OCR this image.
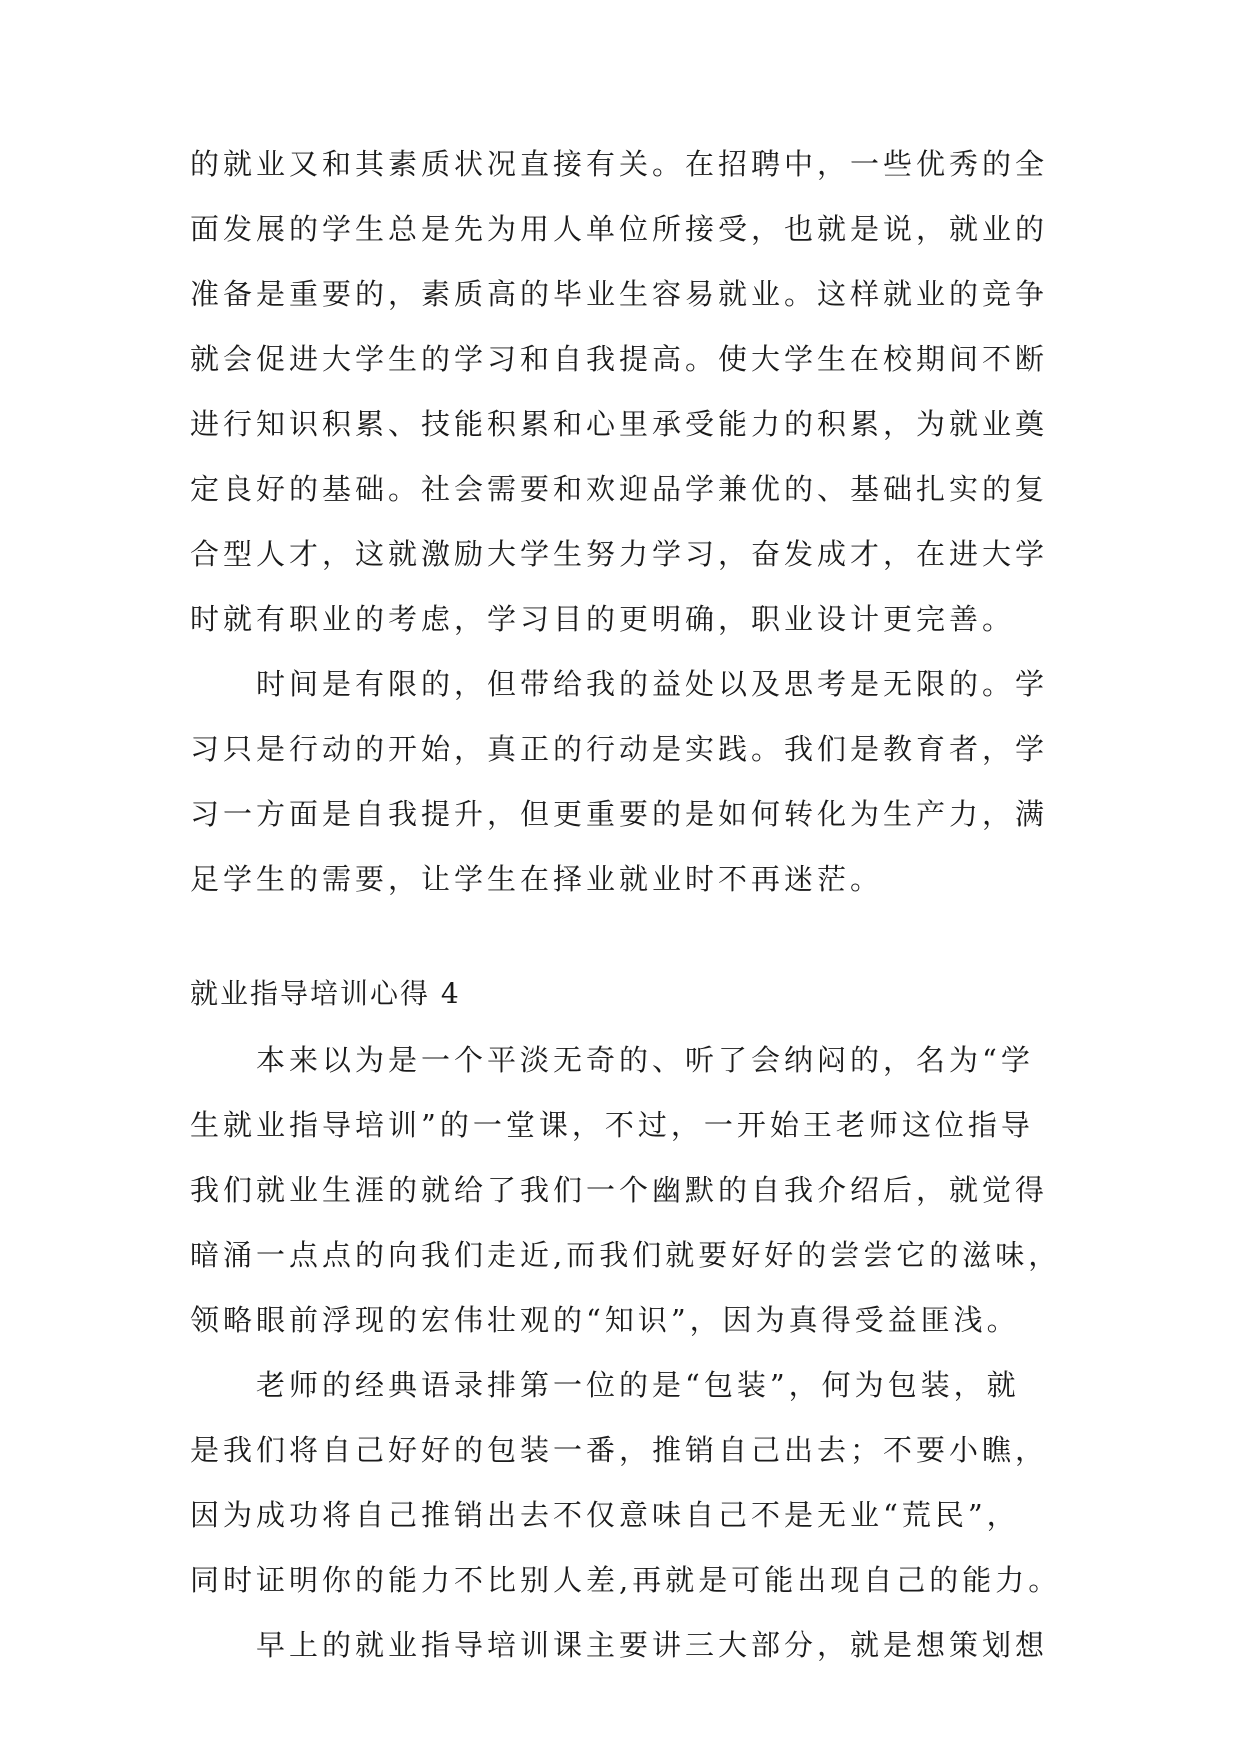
的就业又和其素质状况直接有关。在招聘中，一些优秀的全
面发展的学生总是先为用人单位所接受，也就是说，就业的
准备是重要的，素质高的毕业生容易就业。这样就业的竞争
就会促进大学生的学习和自我提高。使大学生在校期间不断
进行知识积累、技能积累和心里承受能力的积累，为就业奠
定良好的基础。社会需要和欢迎品学兼优的、基础扎实的复
合型人才，这就激励大学生努力学习，奋发成才，在进大学
时就有职业的考虑，学习目的更明确，职业设计更完善。
　　时间是有限的，但带给我的益处以及思考是无限的。学
习只是行动的开始，真正的行动是实践。我们是教育者，学
习一方面是自我提升，但更重要的是如何转化为生产力，满
足学生的需要，让学生在择业就业时不再迷茫。
就业指导培训心得 4
　　本来以为是一个平淡无奇的、听了会纳闷的，名为“学
生就业指导培训”的一堂课，不过，一开始王老师这位指导
我们就业生涯的就给了我们一个幽默的自我介绍后，就觉得
暗涌一点点的向我们走近,而我们就要好好的尝尝它的滋味，
领略眼前浮现的宏伟壮观的“知识”，因为真得受益匪浅。
　　老师的经典语录排第一位的是“包装”，何为包装，就
是我们将自己好好的包装一番，推销自己出去；不要小瞧，
因为成功将自己推销出去不仅意味自己不是无业“荒民”，
同时证明你的能力不比别人差,再就是可能出现自己的能力。
　　早上的就业指导培训课主要讲三大部分，就是想策划想
